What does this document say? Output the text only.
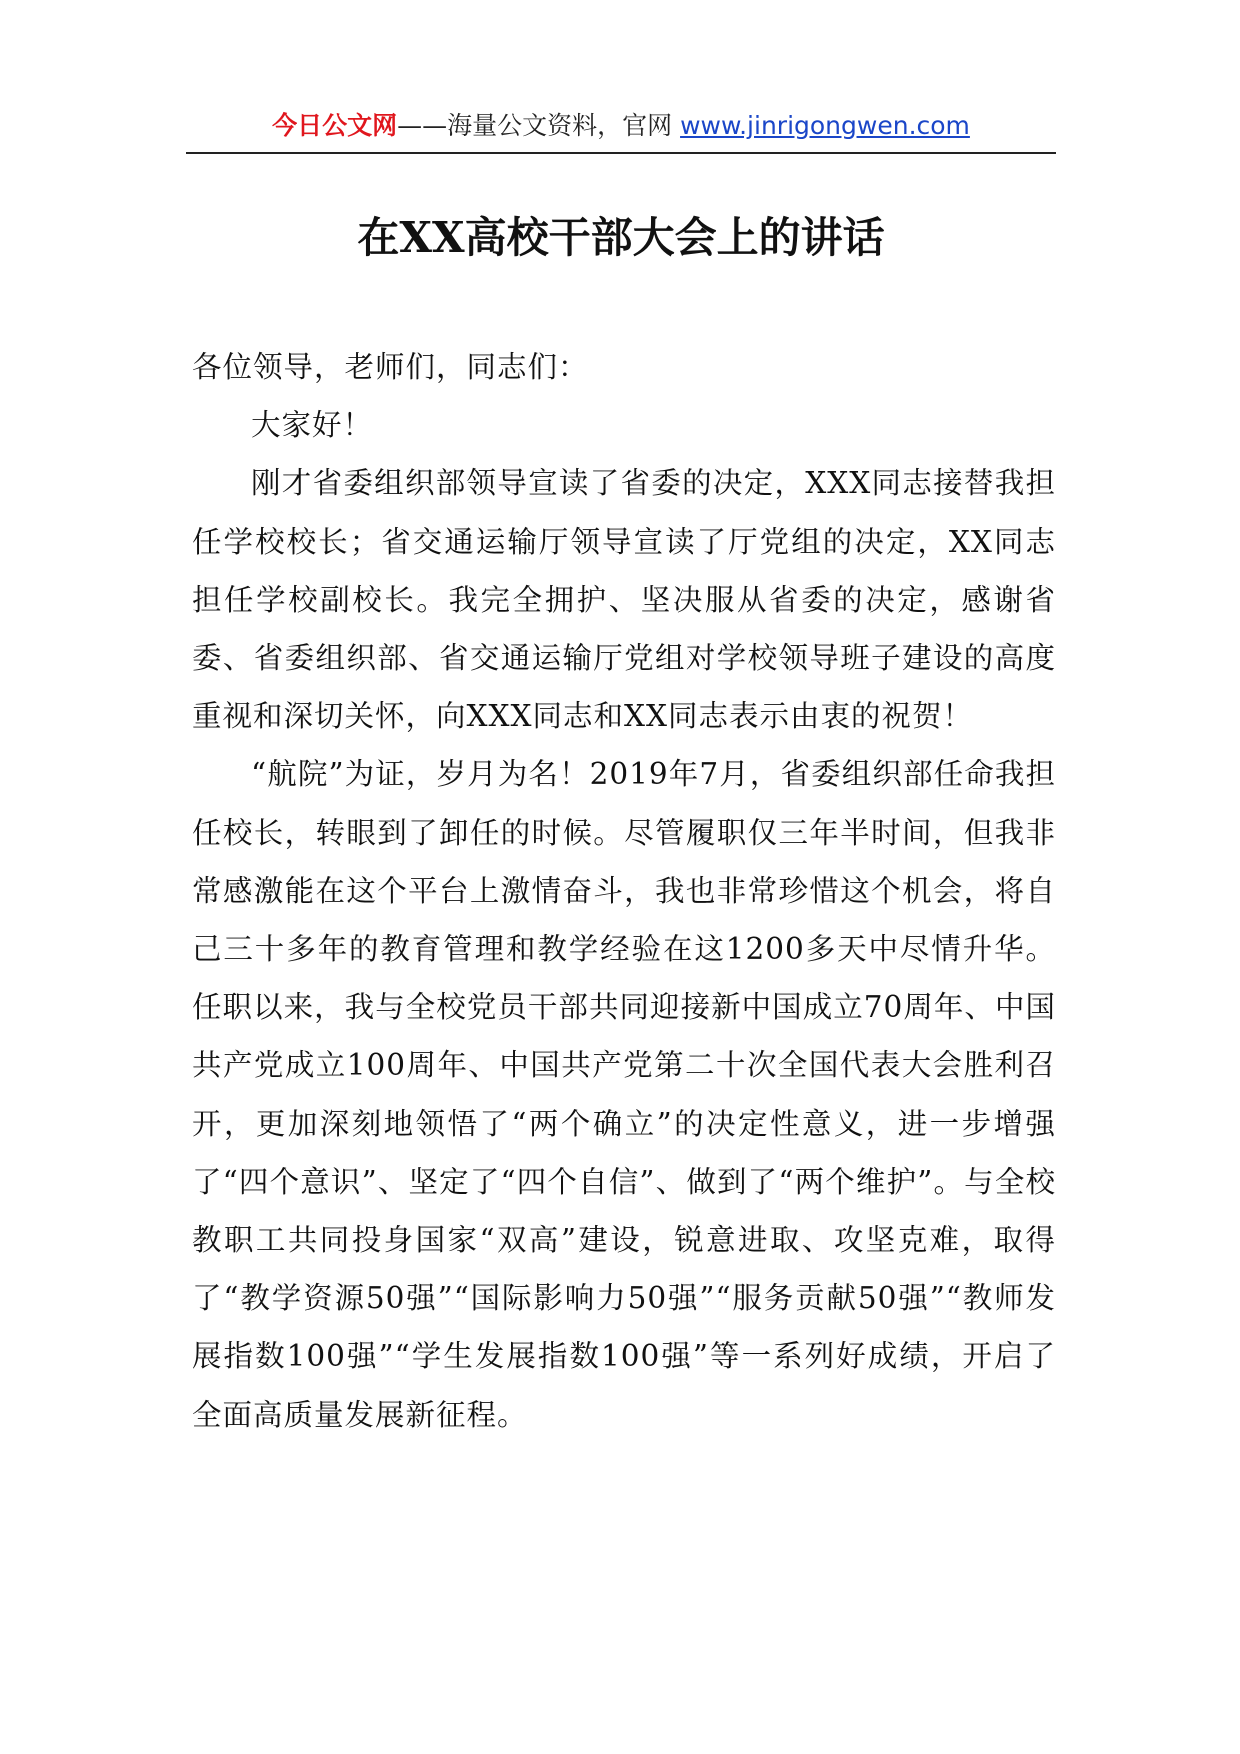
今日公文网——海量公文资料，官网 www.jinrigongwen.com
在XX高校干部大会上的讲话

各位领导，老师们，同志们：

大家好！

刚才省委组织部领导宣读了省委的决定，XXX同志接替我担任学校校长；省交通运输厅领导宣读了厅党组的决定，XX同志担任学校副校长。我完全拥护、坚决服从省委的决定，感谢省委、省委组织部、省交通运输厅党组对学校领导班子建设的高度重视和深切关怀，向XXX同志和XX同志表示由衷的祝贺！

“航院”为证，岁月为名！2019年7月，省委组织部任命我担任校长，转眼到了卸任的时候。尽管履职仅三年半时间，但我非常感激能在这个平台上激情奋斗，我也非常珍惜这个机会，将自己三十多年的教育管理和教学经验在这1200多天中尽情升华。任职以来，我与全校党员干部共同迎接新中国成立70周年、中国共产党成立100周年、中国共产党第二十次全国代表大会胜利召开，更加深刻地领悟了“两个确立”的决定性意义，进一步增强了“四个意识”、坚定了“四个自信”、做到了“两个维护”。与全校教职工共同投身国家“双高”建设，锐意进取、攻坚克难，取得了“教学资源50强”“国际影响力50强”“服务贡献50强”“教师发展指数100强”“学生发展指数100强”等一系列好成绩，开启了全面高质量发展新征程。
